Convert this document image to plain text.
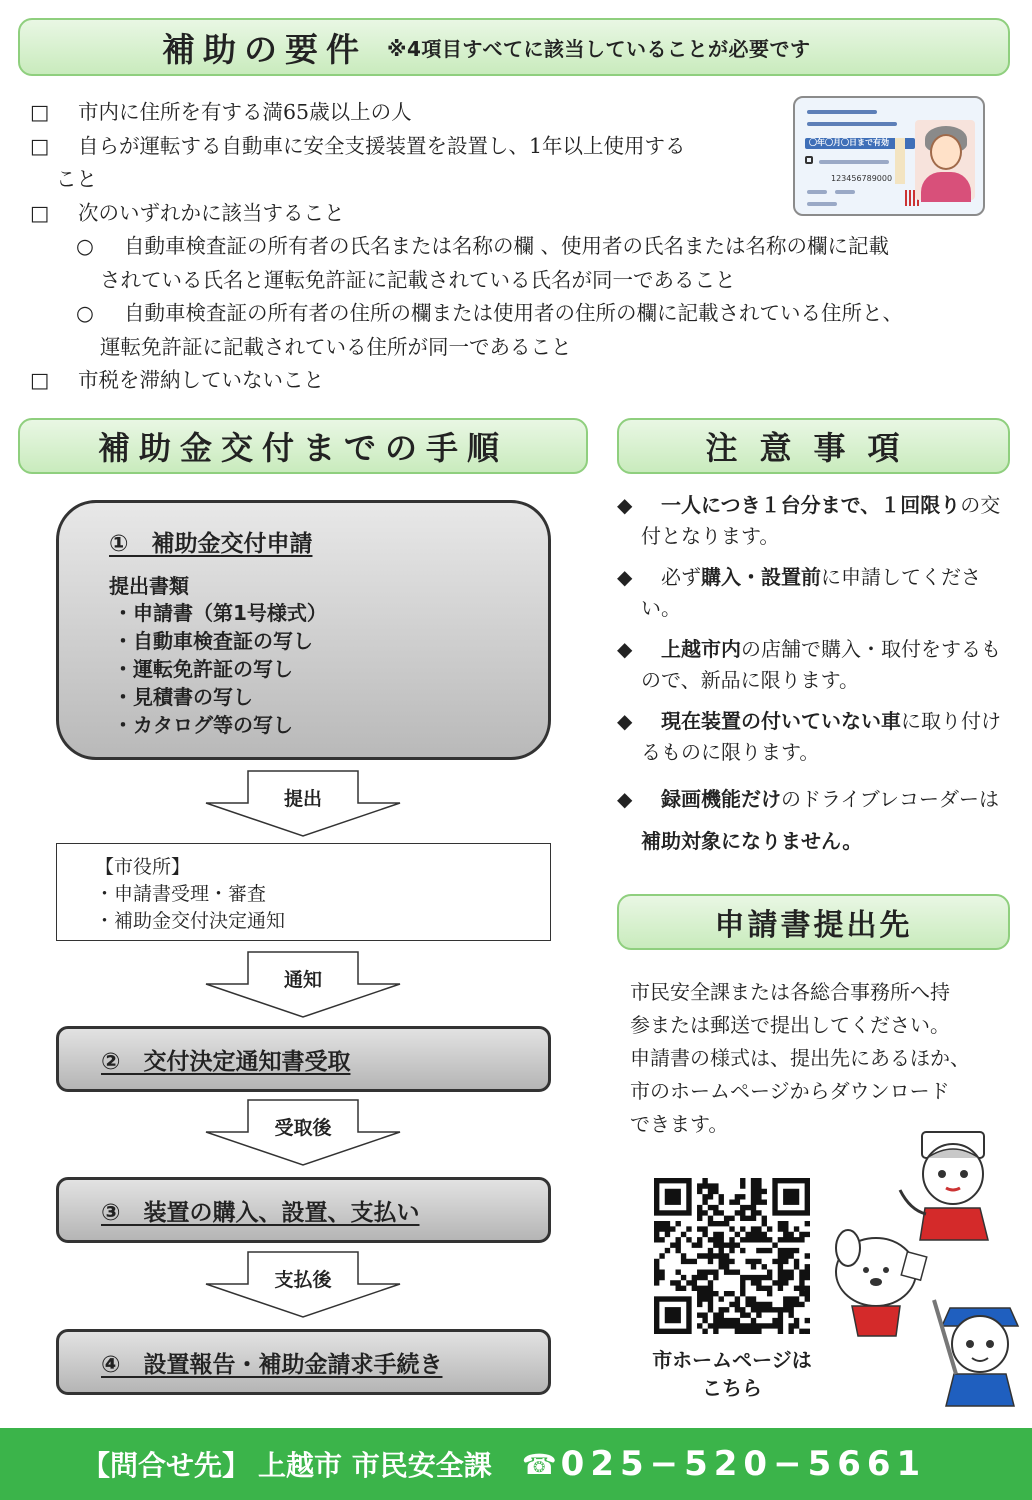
補助の要件 ※4項目すべてに該当していることが必要です
□ 市内に住所を有する満65歳以上の人
□ 自らが運転する自動車に安全支援装置を設置し、1年以上使用する
こと
□ 次のいずれかに該当すること
○ 自動車検査証の所有者の氏名または名称の欄 、使用者の氏名または名称の欄に記載
されている氏名と運転免許証に記載されている氏名が同一であること
○ 自動車検査証の所有者の住所の欄または使用者の住所の欄に記載されている住所と、
運転免許証に記載されている住所が同一であること
□ 市税を滞納していないこと
〇年〇月〇日まで有効
123456789000
補助金交付までの手順
①　補助金交付申請
提出書類
・申請書（第1号様式）
・自動車検査証の写し
・運転免許証の写し
・見積書の写し
・カタログ等の写し
提出
【市役所】
・申請書受理・審査
・補助金交付決定通知
通知
②　交付決定通知書受取
受取後
③　装置の購入、設置、支払い
支払後
④　設置報告・補助金請求手続き
注意事項
◆ 一人につき１台分まで、１回限りの交付となります。
◆ 必ず購入・設置前に申請してください。
◆ 上越市内の店舗で購入・取付をするもので、新品に限ります。
◆ 現在装置の付いていない車に取り付けるものに限ります。
◆ 録画機能だけのドライブレコーダーは補助対象になりません。
申請書提出先
市民安全課または各総合事務所へ持
参または郵送で提出してください。
申請書の様式は、提出先にあるほか、
市のホームページからダウンロード
できます。
市ホームページは
こちら
【問合せ先】 上越市 市民安全課 ☎ 025−520−5661
